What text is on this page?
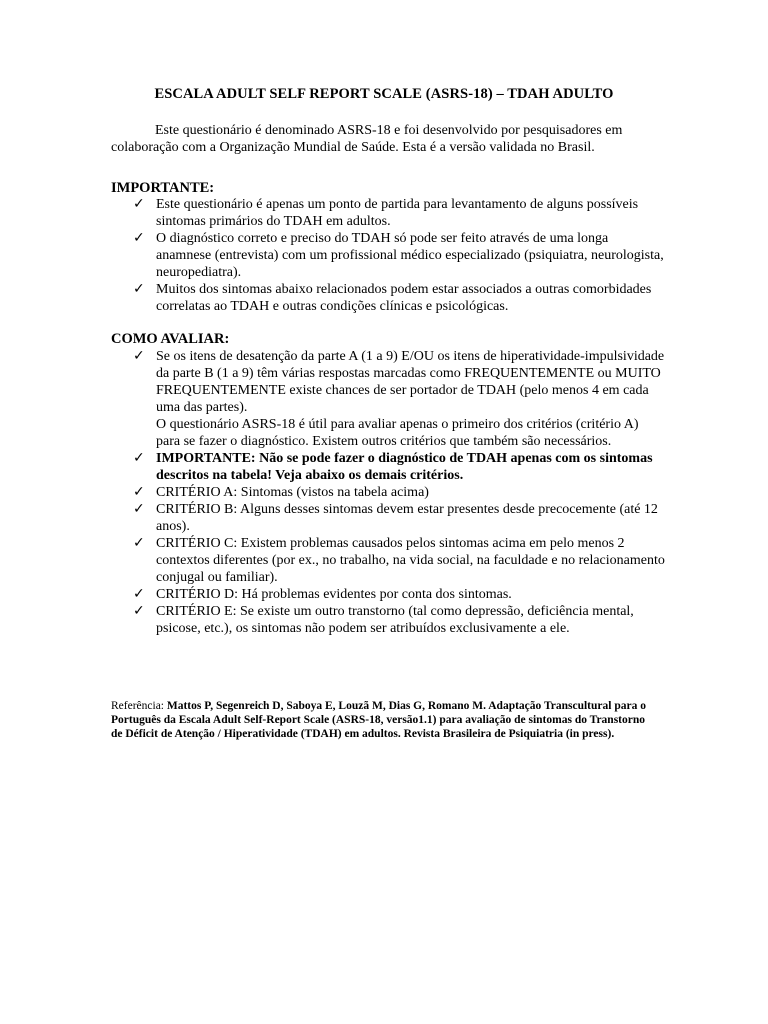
ESCALA ADULT SELF REPORT SCALE (ASRS-18) – TDAH ADULTO

Este questionário é denominado ASRS-18 e foi desenvolvido por pesquisadores em colaboração com a Organização Mundial de Saúde. Esta é a versão validada no Brasil.

IMPORTANTE:

✓ Este questionário é apenas um ponto de partida para levantamento de alguns possíveis sintomas primários do TDAH em adultos.
✓ O diagnóstico correto e preciso do TDAH só pode ser feito através de uma longa anamnese (entrevista) com um profissional médico especializado (psiquiatra, neurologista, neuropediatra).
✓ Muitos dos sintomas abaixo relacionados podem estar associados a outras comorbidades correlatas ao TDAH e outras condições clínicas e psicológicas.

COMO AVALIAR:

✓ Se os itens de desatenção da parte A (1 a 9) E/OU os itens de hiperatividade-impulsividade da parte B (1 a 9) têm várias respostas marcadas como FREQUENTEMENTE ou MUITO FREQUENTEMENTE existe chances de ser portador de TDAH (pelo menos 4 em cada uma das partes).
O questionário ASRS-18 é útil para avaliar apenas o primeiro dos critérios (critério A) para se fazer o diagnóstico. Existem outros critérios que também são necessários.
✓ IMPORTANTE: Não se pode fazer o diagnóstico de TDAH apenas com os sintomas descritos na tabela! Veja abaixo os demais critérios.
✓ CRITÉRIO A: Sintomas (vistos na tabela acima)
✓ CRITÉRIO B: Alguns desses sintomas devem estar presentes desde precocemente (até 12 anos).
✓ CRITÉRIO C: Existem problemas causados pelos sintomas acima em pelo menos 2 contextos diferentes (por ex., no trabalho, na vida social, na faculdade e no relacionamento conjugal ou familiar).
✓ CRITÉRIO D: Há problemas evidentes por conta dos sintomas.
✓ CRITÉRIO E: Se existe um outro transtorno (tal como depressão, deficiência mental, psicose, etc.), os sintomas não podem ser atribuídos exclusivamente a ele.

Referência: Mattos P, Segenreich D, Saboya E, Louzã M, Dias G, Romano M. Adaptação Transcultural para o Português da Escala Adult Self-Report Scale (ASRS-18, versão1.1) para avaliação de sintomas do Transtorno de Déficit de Atenção / Hiperatividade (TDAH) em adultos. Revista Brasileira de Psiquiatria (in press).
